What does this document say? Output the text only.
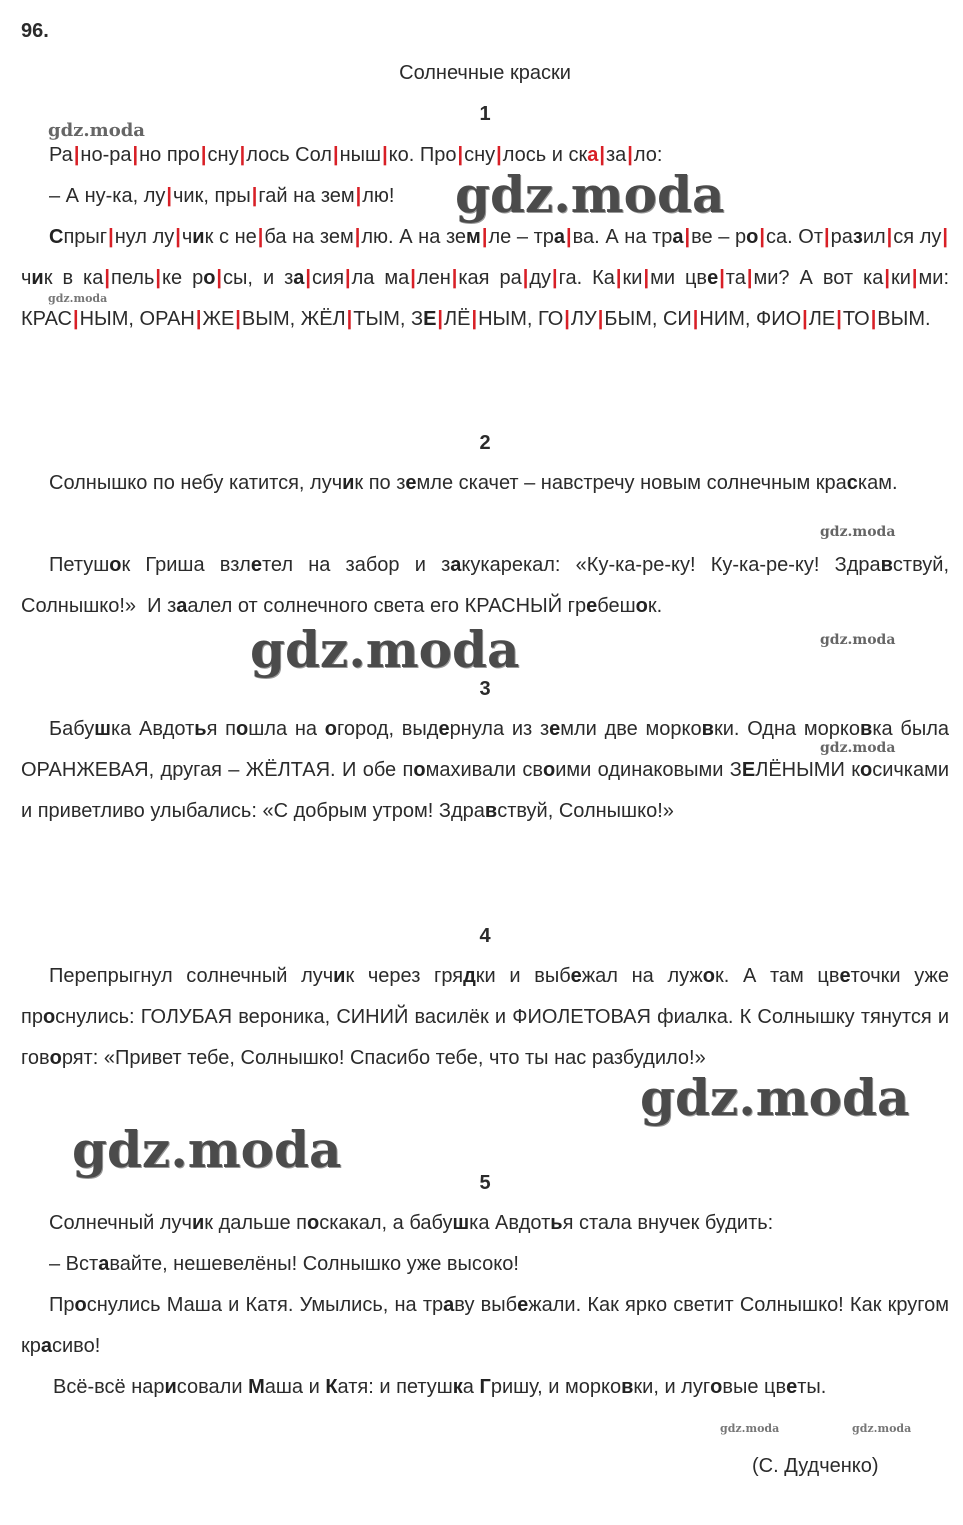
96.
Солнечные краски
1

Ра|но-ра|но про|сну|лось Сол|ныш|ко. Про|сну|лось и ска|за|ло:

– А ну-ка, лу|чик, пры|гай на зем|лю!

Спрыг|нул лу|чик с не|ба на зем|лю. А на зем|ле – тра|ва. А на тра|ве – ро|са. От|разил|ся лу|чик в ка|пель|ке ро|сы, и за|сия|ла ма|лен|кая ра|ду|га. Ка|ки|ми цве|та|ми? А вот ка|ки|ми: КРАС|НЫМ, ОРАН|ЖЕ|ВЫМ, ЖЁЛ|ТЫМ, ЗЕ|ЛЁ|НЫМ, ГО|ЛУ|БЫМ, СИ|НИМ, ФИО|ЛЕ|ТО|ВЫМ.

2

Солнышко по небу катится, лучик по земле скачет – навстречу новым солнечным краскам.

Петушок Гриша взлетел на забор и закукарекал: «Ку-ка-ре-ку! Ку-ка-ре-ку! Здравствуй, Солнышко!»  И заалел от солнечного света его КРАСНЫЙ гребешок.

3

Бабушка Авдотья пошла на огород, выдернула из земли две морковки. Одна морковка была ОРАНЖЕВАЯ, другая – ЖЁЛТАЯ. И обе помахивали своими одинаковыми ЗЕЛЁНЫМИ косичками и приветливо улыбались: «С добрым утром! Здравствуй, Солнышко!»

4

Перепрыгнул солнечный лучик через грядки и выбежал на лужок. А там цветочки уже проснулись: ГОЛУБАЯ вероника, СИНИЙ василёк и ФИОЛЕТОВАЯ фиалка. К Солнышку тянутся и говорят: «Привет тебе, Солнышко! Спасибо тебе, что ты нас разбудило!»

5

Солнечный лучик дальше поскакал, а бабушка Авдотья стала внучек будить:

– Вставайте, нешевелёны! Солнышко уже высоко!

Проснулись Маша и Катя. Умылись, на траву выбежали. Как ярко светит Солнышко! Как кругом красиво!

Всё-всё нарисовали Маша и Катя: и петушка Гришу, и морковки, и луговые цветы.

(С. Дудченко)
gdz.moda
gdz.moda
gdz.moda
gdz.moda
gdz.moda	gdz.moda
gdz.moda
gdz.moda
gdz.moda
gdz.moda	gdz.moda
